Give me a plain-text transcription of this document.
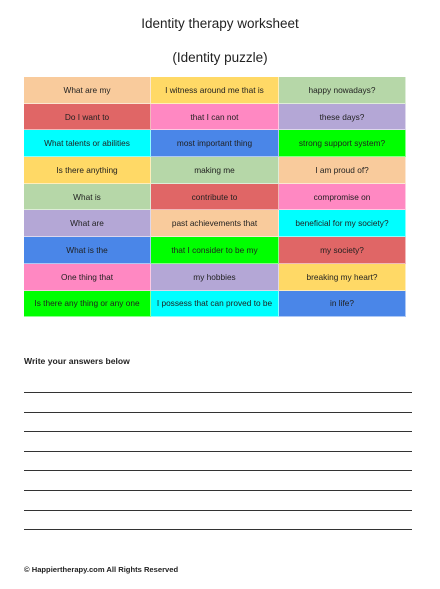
Identity therapy worksheet
(Identity puzzle)
What are my	I witness around me that is	happy nowadays?
Do I want to	that I can not	these days?
What talents or abilities	most important thing	strong support system?
Is there anything	making me	I am proud of?
What is	contribute to	compromise on
What are	past achievements that	beneficial for my society?
What is the	that I consider to be my	my society?
One thing that	my hobbies	breaking my heart?
Is there any thing or any one	I possess that can proved to be	in life?
Write your answers below
© Happiertherapy.com All Rights Reserved
